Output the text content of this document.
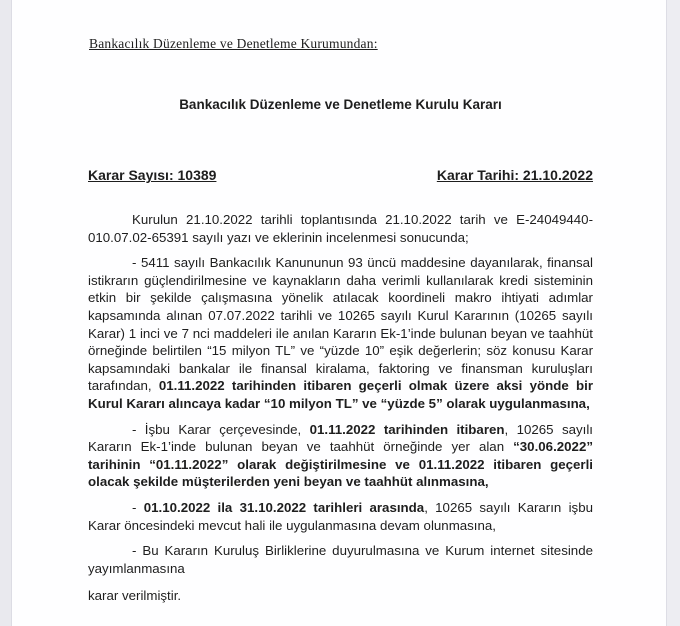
Bankacılık Düzenleme ve Denetleme Kurumundan:
Bankacılık Düzenleme ve Denetleme Kurulu Kararı
Karar Sayısı: 10389	Karar Tarihi: 21.10.2022

Kurulun 21.10.2022 tarihli toplantısında 21.10.2022 tarih ve E-24049440-010.07.02-65391 sayılı yazı ve eklerinin incelenmesi sonucunda;

- 5411 sayılı Bankacılık Kanununun 93 üncü maddesine dayanılarak, finansal istikrarın güçlendirilmesine ve kaynakların daha verimli kullanılarak kredi sisteminin etkin bir şekilde çalışmasına yönelik atılacak koordineli makro ihtiyati adımlar kapsamında alınan 07.07.2022 tarihli ve 10265 sayılı Kurul Kararının (10265 sayılı Karar) 1 inci ve 7 nci maddeleri ile anılan Kararın Ek-1’inde bulunan beyan ve taahhüt örneğinde belirtilen “15 milyon TL” ve “yüzde 10” eşik değerlerin; söz konusu Karar kapsamındaki bankalar ile finansal kiralama, faktoring ve finansman kuruluşları tarafından, 01.11.2022 tarihinden itibaren geçerli olmak üzere aksi yönde bir Kurul Kararı alıncaya kadar “10 milyon TL” ve “yüzde 5” olarak uygulanmasına,

- İşbu Karar çerçevesinde, 01.11.2022 tarihinden itibaren, 10265 sayılı Kararın Ek-1’inde bulunan beyan ve taahhüt örneğinde yer alan “30.06.2022” tarihinin “01.11.2022” olarak değiştirilmesine ve 01.11.2022 itibaren geçerli olacak şekilde müşterilerden yeni beyan ve taahhüt alınmasına,

- 01.10.2022 ila 31.10.2022 tarihleri arasında, 10265 sayılı Kararın işbu Karar öncesindeki mevcut hali ile uygulanmasına devam olunmasına,

- Bu Kararın Kuruluş Birliklerine duyurulmasına ve Kurum internet sitesinde yayımlanmasına

karar verilmiştir.
